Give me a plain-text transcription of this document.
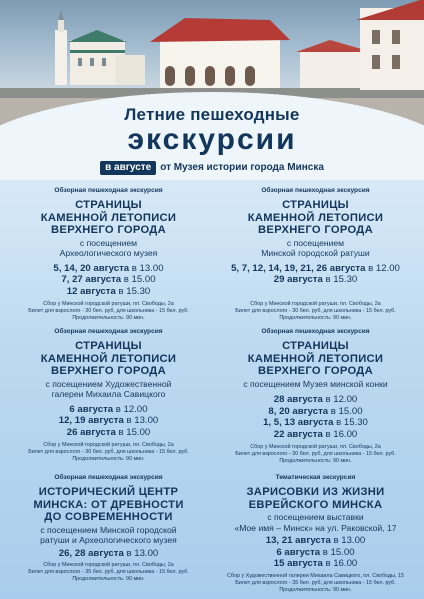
Летние пешеходные
экскурсии
в августе от Музея истории города Минска
Обзорная пешеходная экскурсия
СТРАНИЦЫ
КАМЕННОЙ ЛЕТОПИСИ
ВЕРХНЕГО ГОРОДА
с посещением
Археологического музея
5, 14, 20 августа в 13.00
7, 27 августа в 15.00
12 августа в 15.30
Сбор у Минской городской ратуши, пл. Свободы, 2а
Билет для взрослого - 30 бел. руб, для школьника - 15 бел. руб.
Продолжительность: 90 мин.
Обзорная пешеходная экскурсия
СТРАНИЦЫ
КАМЕННОЙ ЛЕТОПИСИ
ВЕРХНЕГО ГОРОДА
с посещением
Минской городской ратуши
5, 7, 12, 14, 19, 21, 26 августа в 12.00
29 августа в 15.30
Сбор у Минской городской ратуши, пл. Свободы, 2а
Билет для взрослого - 30 бел. руб, для школьника - 15 бел. руб.
Продолжительность: 90 мин.
Обзорная пешеходная экскурсия
СТРАНИЦЫ
КАМЕННОЙ ЛЕТОПИСИ
ВЕРХНЕГО ГОРОДА
с посещением Художественной
галереи Михаила Савицкого
6 августа в 12.00
12, 19 августа в 13.00
26 августа в 15.00
Сбор у Минской городской ратуши, пл. Свободы, 2а
Билет для взрослого - 30 бел. руб, для школьника - 15 бел. руб.
Продолжительность: 90 мин.
Обзорная пешеходная экскурсия
СТРАНИЦЫ
КАМЕННОЙ ЛЕТОПИСИ
ВЕРХНЕГО ГОРОДА
с посещением Музея минской конки
28 августа в 12.00
8, 20 августа в 15.00
1, 5, 13 августа в 15.30
22 августа в 16.00
Сбор у Минской городской ратуши, пл. Свободы, 2а
Билет для взрослого - 30 бел. руб, для школьника - 15 бел. руб.
Продолжительность: 90 мин.
Обзорная пешеходная экскурсия
ИСТОРИЧЕСКИЙ ЦЕНТР
МИНСКА: ОТ ДРЕВНОСТИ
ДО СОВРЕМЕННОСТИ
с посещением Минской городской
ратуши и Археологического музея
26, 28 августа в 13.00
Сбор у Минской городской ратуши, пл. Свободы, 2а
Билет для взрослого - 35 бел. руб, для школьника - 15 бел. руб.
Продолжительность: 90 мин.
Тематическая экскурсия
ЗАРИСОВКИ ИЗ ЖИЗНИ
ЕВРЕЙСКОГО МИНСКА
с посещением выставки
«Мое имя – Минск» на ул. Раковской, 17
13, 21 августа в 13.00
6 августа в 15.00
15 августа в 16.00
Сбор у Художественной галереи Михаила Савицкого, пл. Свободы, 15
Билет для взрослого - 35 бел. руб, для школьника - 15 бел. руб.
Продолжительность: 90 мин.
